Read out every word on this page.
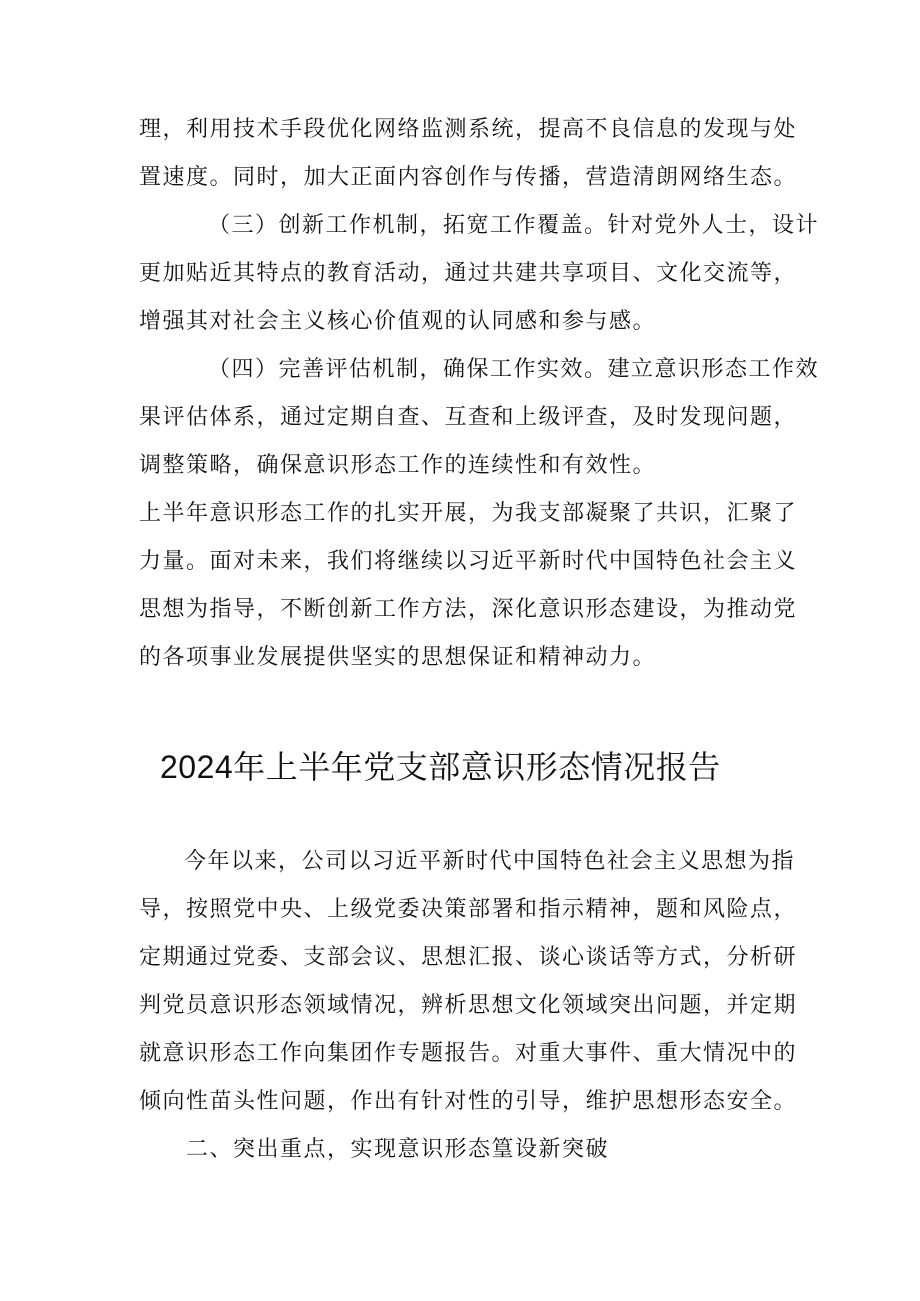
理，利用技术手段优化网络监测系统，提高不良信息的发现与处
置速度。同时，加大正面内容创作与传播，营造清朗网络生态。
（三）创新工作机制，拓宽工作覆盖。针对党外人士，设计
更加贴近其特点的教育活动，通过共建共享项目、文化交流等，
增强其对社会主义核心价值观的认同感和参与感。
（四）完善评估机制，确保工作实效。建立意识形态工作效
果评估体系，通过定期自查、互查和上级评查，及时发现问题，
调整策略，确保意识形态工作的连续性和有效性。
上半年意识形态工作的扎实开展，为我支部凝聚了共识，汇聚了
力量。面对未来，我们将继续以习近平新时代中国特色社会主义
思想为指导，不断创新工作方法，深化意识形态建设，为推动党
的各项事业发展提供坚实的思想保证和精神动力。
2024年上半年党支部意识形态情况报告
今年以来，公司以习近平新时代中国特色社会主义思想为指
导，按照党中央、上级党委决策部署和指示精神，题和风险点，
定期通过党委、支部会议、思想汇报、谈心谈话等方式，分析研
判党员意识形态领域情况，辨析思想文化领域突出问题，并定期
就意识形态工作向集团作专题报告。对重大事件、重大情况中的
倾向性苗头性问题，作出有针对性的引导，维护思想形态安全。
二、突出重点，实现意识形态篁设新突破
